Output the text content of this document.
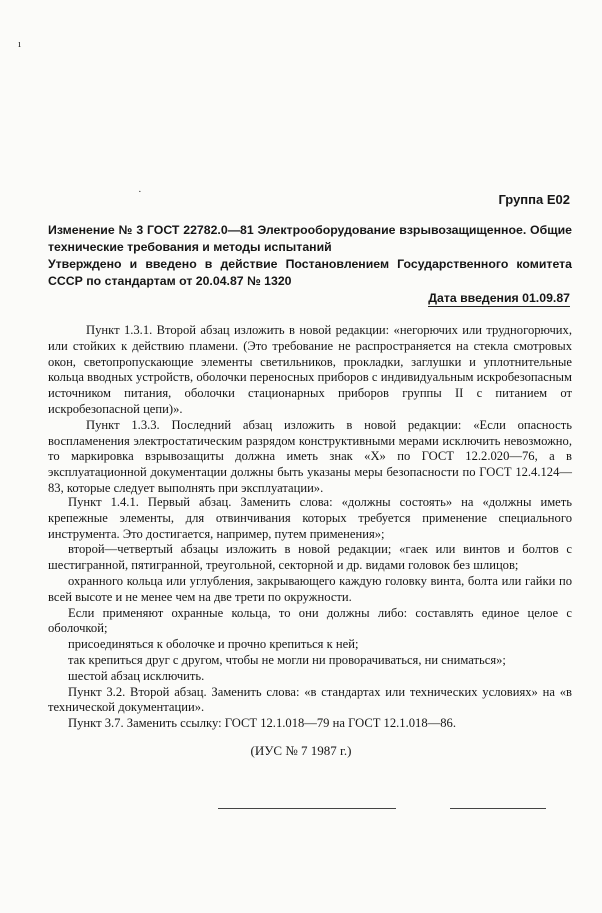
ı
·	Группа Е02
Изменение № 3 ГОСТ 22782.0—81 Электрооборудование взрывозащищенное. Общие технические требования и методы испытаний
Утверждено и введено в действие Постановлением Государственного комитета СССР по стандартам от 20.04.87 № 1320
Дата введения 01.09.87

Пункт 1.3.1. Второй абзац изложить в новой редакции: «негорючих или трудногорючих, или стойких к действию пламени. (Это требование не распространяется на стекла смотровых окон, светопропускающие элементы светильников, прокладки, заглушки и уплотнительные кольца вводных устройств, оболочки переносных приборов с индивидуальным искробезопасным источником питания, оболочки стационарных приборов группы II с питанием от искробезопасной цепи)».

Пункт 1.3.3. Последний абзац изложить в новой редакции: «Если опасность воспламенения электростатическим разрядом конструктивными мерами исключить невозможно, то маркировка взрывозащиты должна иметь знак «Х» по ГОСТ 12.2.020—76, а в эксплуатационной документации должны быть указаны меры безопасности по ГОСТ 12.4.124—83, которые следует выполнять при эксплуатации».

Пункт 1.4.1. Первый абзац. Заменить слова: «должны состоять» на «должны иметь крепежные элементы, для отвинчивания которых требуется применение специального инструмента. Это достигается, например, путем применения»;

второй—четвертый абзацы изложить в новой редакции; «гаек или винтов и болтов с шестигранной, пятигранной, треугольной, секторной и др. видами головок без шлицов;

охранного кольца или углубления, закрывающего каждую головку винта, болта или гайки по всей высоте и не менее чем на две трети по окружности.

Если применяют охранные кольца, то они должны либо: составлять единое целое с оболочкой;

присоединяться к оболочке и прочно крепиться к ней;

так крепиться друг с другом, чтобы не могли ни проворачиваться, ни сниматься»;

шестой абзац исключить.

Пункт 3.2. Второй абзац. Заменить слова: «в стандартах или технических условиях» на «в технической документации».

Пункт 3.7. Заменить ссылку: ГОСТ 12.1.018—79 на ГОСТ 12.1.018—86.

(ИУС № 7 1987 г.)
